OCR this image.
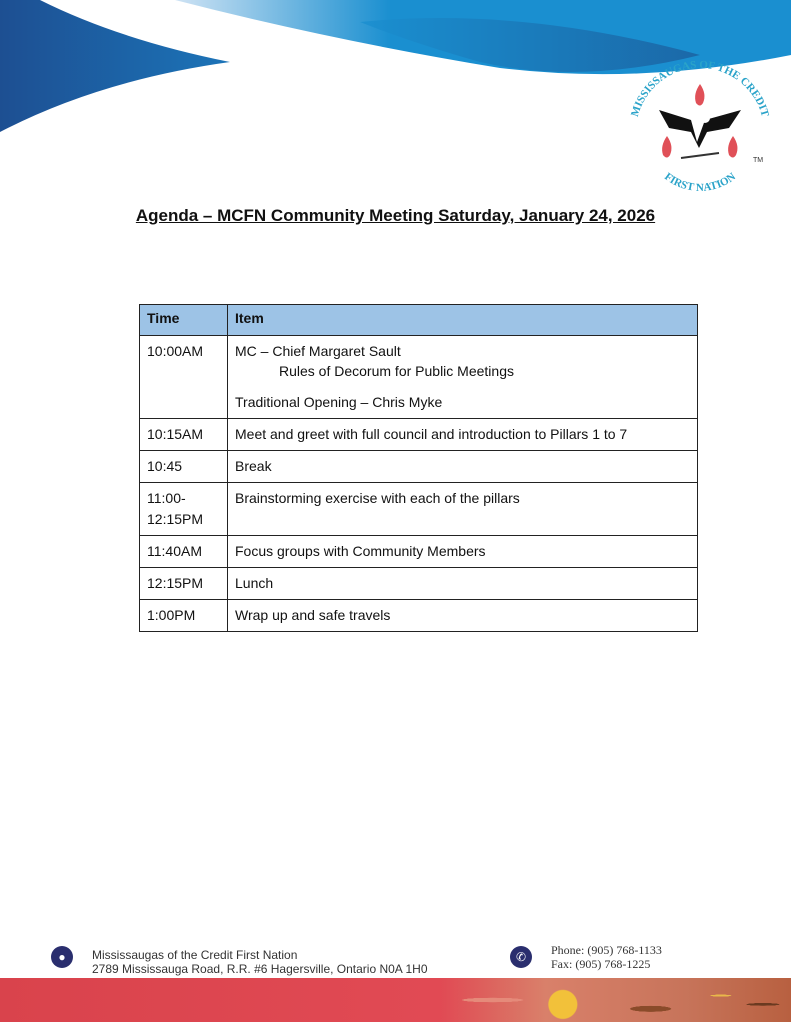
MISSISSAUGAS OF THE CREDIT
FIRST NATION
TM
Agenda – MCFN Community Meeting Saturday, January 24, 2026
Time	Item
10:00AM	MC – Chief Margaret Sault
Rules of Decorum for Public Meetings
Traditional Opening – Chris Myke

10:15AM	Meet and greet with full council and introduction to Pillars 1 to 7
10:45	Break
11:00-12:15PM	Brainstorming exercise with each of the pillars
11:40AM	Focus groups with Community Members
12:15PM	Lunch
1:00PM	Wrap up and safe travels
●	Mississaugas of the Credit First Nation
2789 Mississauga Road, R.R. #6 Hagersville, Ontario N0A 1H0
✆	Phone: (905) 768-1133
Fax: (905) 768-1225
